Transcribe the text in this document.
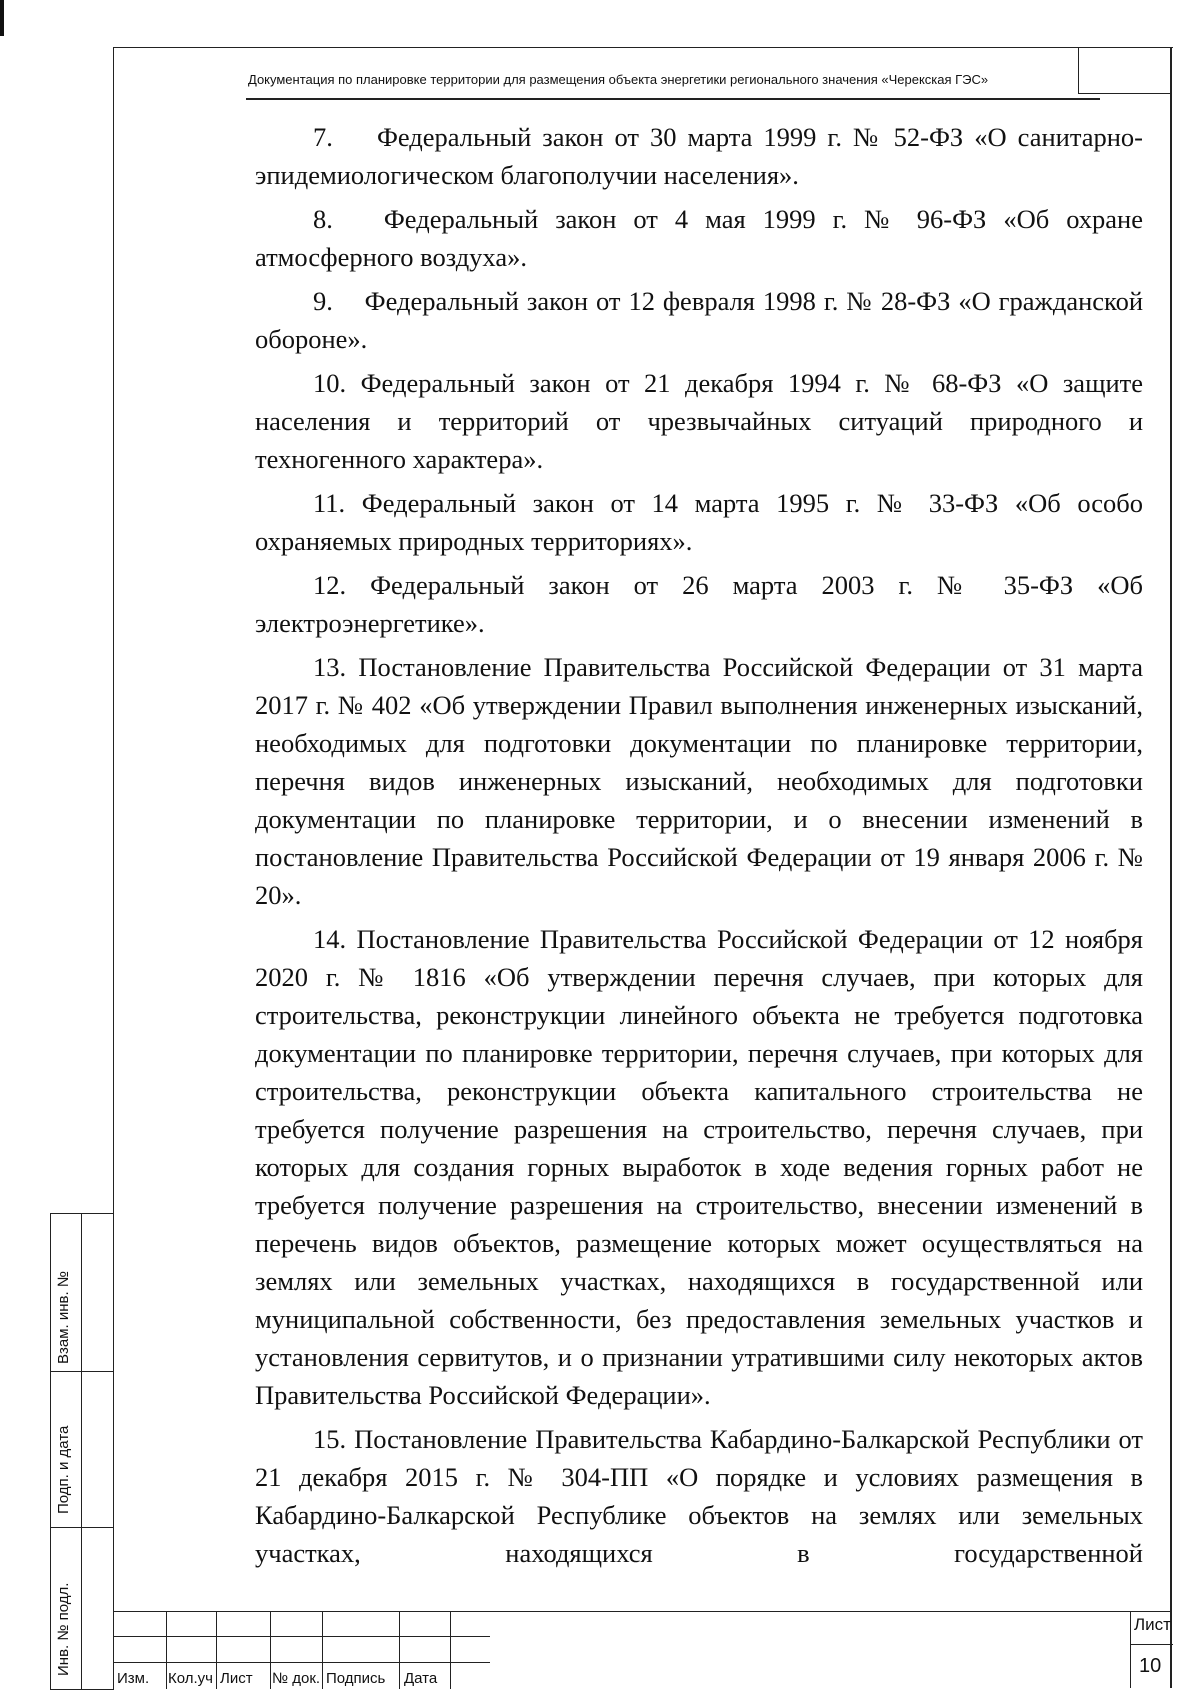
Документация по планировке территории для размещения объекта энергетики регионального значения «Черекская ГЭС»

7. Федеральный закон от 30 марта 1999 г. № 52-ФЗ «О санитарно-эпидемиологическом благополучии населения».

8. Федеральный закон от 4 мая 1999 г. № 96-ФЗ «Об охране атмосферного воздуха».

9. Федеральный закон от 12 февраля 1998 г. № 28-ФЗ «О гражданской обороне».

10. Федеральный закон от 21 декабря 1994 г. № 68-ФЗ «О защите населения и территорий от чрезвычайных ситуаций природного и техногенного характера».

11. Федеральный закон от 14 марта 1995 г. № 33-ФЗ «Об особо охраняемых природных территориях».

12. Федеральный закон от 26 марта 2003 г. № 35-ФЗ «Об электроэнергетике».

13. Постановление Правительства Российской Федерации от 31 марта 2017 г. № 402 «Об утверждении Правил выполнения инженерных изысканий, необходимых для подготовки документации по планировке территории, перечня видов инженерных изысканий, необходимых для подготовки документации по планировке территории, и о внесении изменений в постановление Правительства Российской Федерации от 19 января 2006 г. № 20».

14. Постановление Правительства Российской Федерации от 12 ноября 2020 г. № 1816 «Об утверждении перечня случаев, при которых для строительства, реконструкции линейного объекта не требуется подготовка документации по планировке территории, перечня случаев, при которых для строительства, реконструкции объекта капитального строительства не требуется получение разрешения на строительство, перечня случаев, при которых для создания горных выработок в ходе ведения горных работ не требуется получение разрешения на строительство, внесении изменений в перечень видов объектов, размещение которых может осуществляться на землях или земельных участках, находящихся в государственной или муниципальной собственности, без предоставления земельных участков и установления сервитутов, и о признании утратившими силу некоторых актов Правительства Российской Федерации».

15. Постановление Правительства Кабардино-Балкарской Республики от 21 декабря 2015 г. № 304-ПП «О порядке и условиях размещения в Кабардино-Балкарской Республике объектов на землях или земельных участках, находящихся в государственной

Взам. инв. №
Подп. и дата
Инв. № подл.
Изм. Кол.уч Лист № док. Подпись Дата
Лист
10
